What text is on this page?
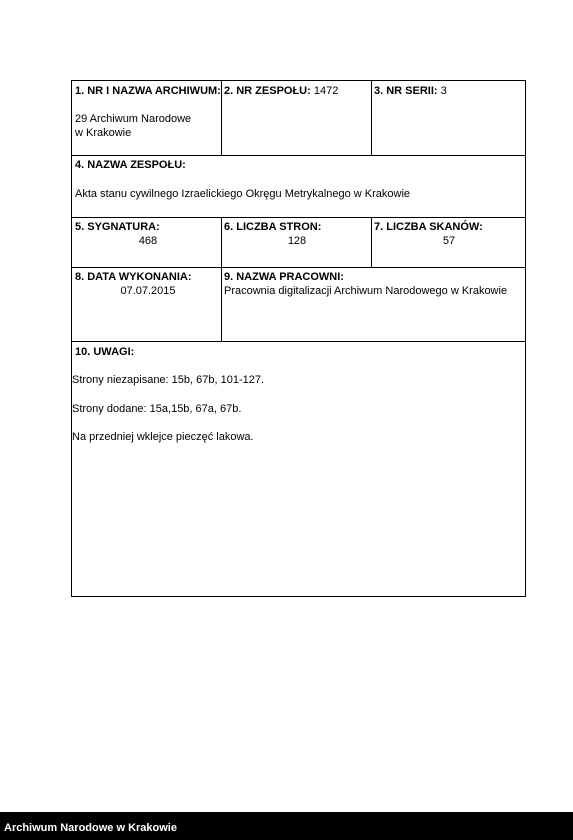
1. NR I NAZWA ARCHIWUM:
29 Archiwum Narodowe
w Krakowie
2. NR ZESPOŁU: 1472	3. NR SERII: 3
4. NAZWA ZESPOŁU:
Akta stanu cywilnego Izraelickiego Okręgu Metrykalnego w Krakowie
5. SYGNATURA:
468
6. LICZBA STRON:
128
7. LICZBA SKANÓW:
57
8. DATA WYKONANIA:
07.07.2015
9. NAZWA PRACOWNI:
Pracownia digitalizacji Archiwum Narodowego w Krakowie
10. UWAGI:
Strony niezapisane: 15b, 67b, 101-127.
Strony dodane: 15a,15b, 67a, 67b.
Na przedniej wklejce pieczęć lakowa.
Archiwum Narodowe w Krakowie
